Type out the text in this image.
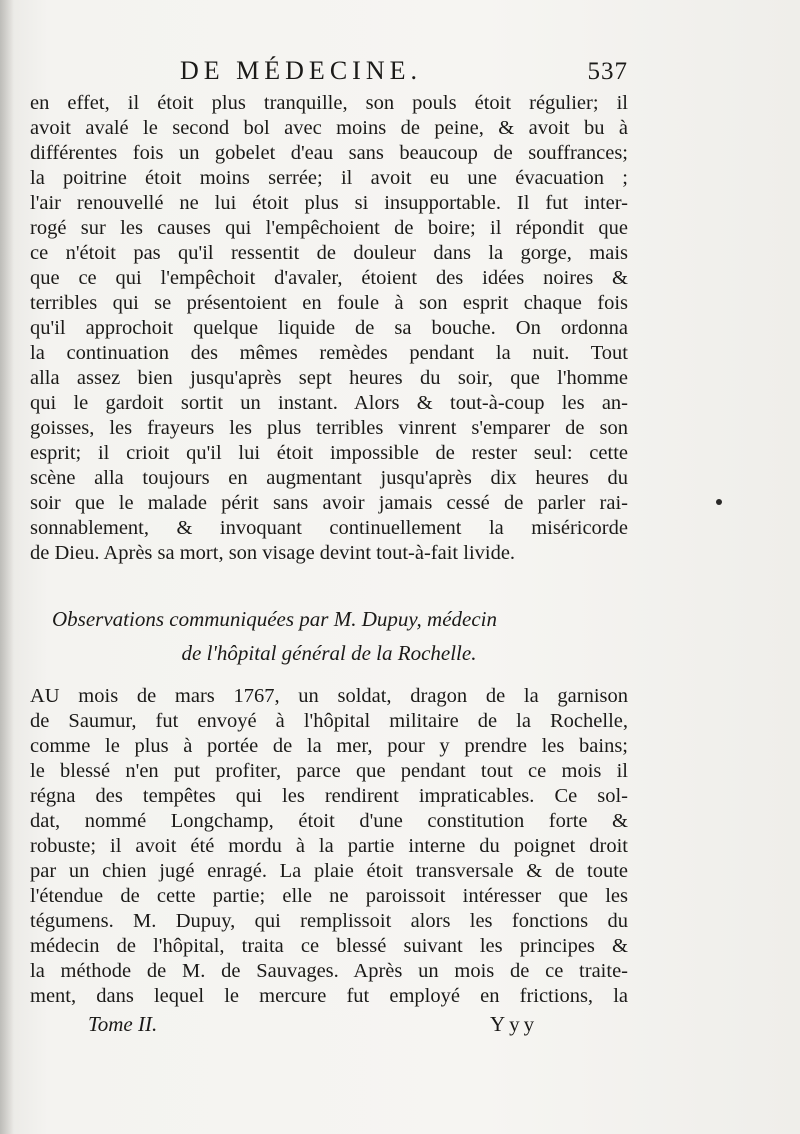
DE MÉDECINE.	537
en effet, il étoit plus tranquille, son pouls étoit régulier; il
avoit avalé le second bol avec moins de peine, & avoit bu à
différentes fois un gobelet d'eau sans beaucoup de souffrances;
la poitrine étoit moins serrée; il avoit eu une évacuation ;
l'air renouvellé ne lui étoit plus si insupportable. Il fut inter-
rogé sur les causes qui l'empêchoient de boire; il répondit que
ce n'étoit pas qu'il ressentit de douleur dans la gorge, mais
que ce qui l'empêchoit d'avaler, étoient des idées noires &
terribles qui se présentoient en foule à son esprit chaque fois
qu'il approchoit quelque liquide de sa bouche. On ordonna
la continuation des mêmes remèdes pendant la nuit. Tout
alla assez bien jusqu'après sept heures du soir, que l'homme
qui le gardoit sortit un instant. Alors & tout-à-coup les an-
goisses, les frayeurs les plus terribles vinrent s'emparer de son
esprit; il crioit qu'il lui étoit impossible de rester seul: cette
scène alla toujours en augmentant jusqu'après dix heures du
soir que le malade périt sans avoir jamais cessé de parler rai-
sonnablement, & invoquant continuellement la miséricorde
de Dieu. Après sa mort, son visage devint tout-à-fait livide.
Observations communiquées par M. Dupuy, médecin
de l'hôpital général de la Rochelle.
AU mois de mars 1767, un soldat, dragon de la garnison
de Saumur, fut envoyé à l'hôpital militaire de la Rochelle,
comme le plus à portée de la mer, pour y prendre les bains;
le blessé n'en put profiter, parce que pendant tout ce mois il
régna des tempêtes qui les rendirent impraticables. Ce sol-
dat, nommé Longchamp, étoit d'une constitution forte &
robuste; il avoit été mordu à la partie interne du poignet droit
par un chien jugé enragé. La plaie étoit transversale & de toute
l'étendue de cette partie; elle ne paroissoit intéresser que les
tégumens. M. Dupuy, qui remplissoit alors les fonctions du
médecin de l'hôpital, traita ce blessé suivant les principes &
la méthode de M. de Sauvages. Après un mois de ce traite-
ment, dans lequel le mercure fut employé en frictions, la
Tome II.	Yyy
